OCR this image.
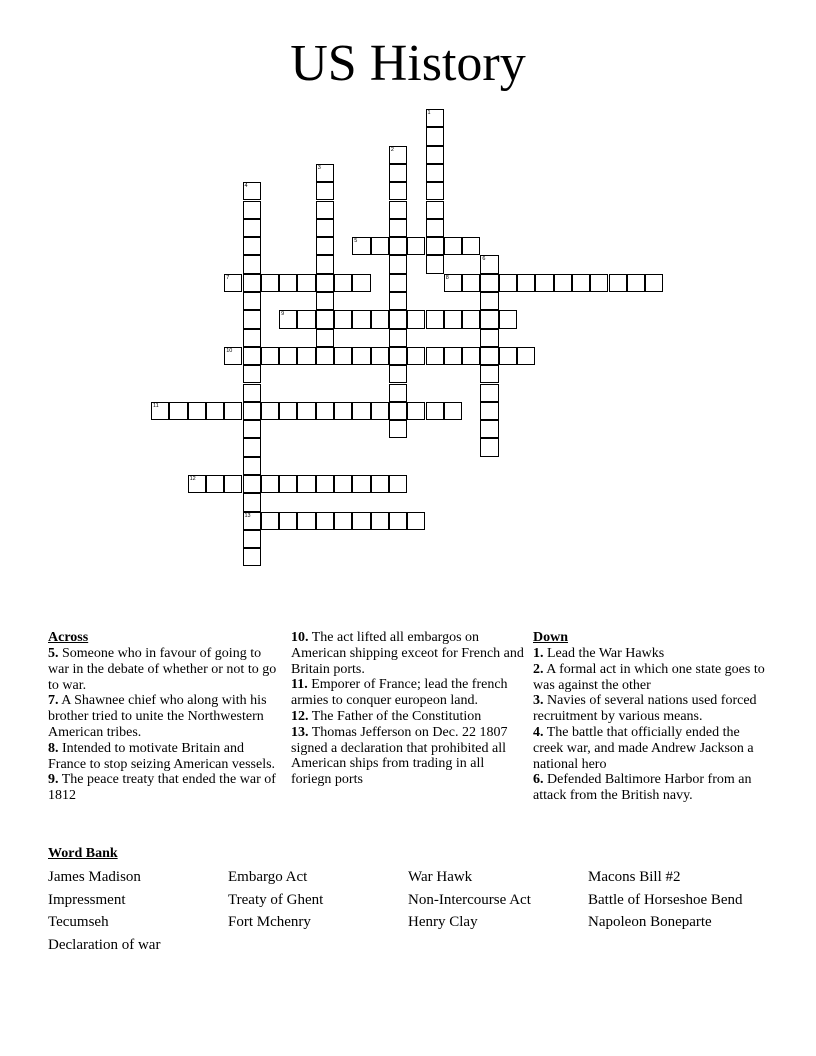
US History
1
2
3
4
13
5
6
7	8
9
10
11
12
Across
5. Someone who in favour of going to war in the debate of whether or not to go to war.
7. A Shawnee chief who along with his brother tried to unite the Northwestern American tribes.
8. Intended to motivate Britain and France to stop seizing American vessels.
9. The peace treaty that ended the war of 1812
10. The act lifted all embargos on American shipping exceot for French and Britain ports.
11. Emporer of France; lead the french armies to conquer europeon land.
12. The Father of the Constitution
13. Thomas Jefferson on Dec. 22 1807 signed a declaration that prohibited all American ships from trading in all foriegn ports
Down
1. Lead the War Hawks
2. A formal act in which one state goes to was against the other
3. Navies of several nations used forced recruitment by various means.
4. The battle that officially ended the creek war, and made Andrew Jackson a national hero
6. Defended Baltimore Harbor from an attack from the British navy.
Word Bank
James Madison	Embargo Act	War Hawk	Macons Bill #2
Impressment	Treaty of Ghent	Non-Intercourse Act	Battle of Horseshoe Bend
Tecumseh	Fort Mchenry	Henry Clay	Napoleon Boneparte
Declaration of war
